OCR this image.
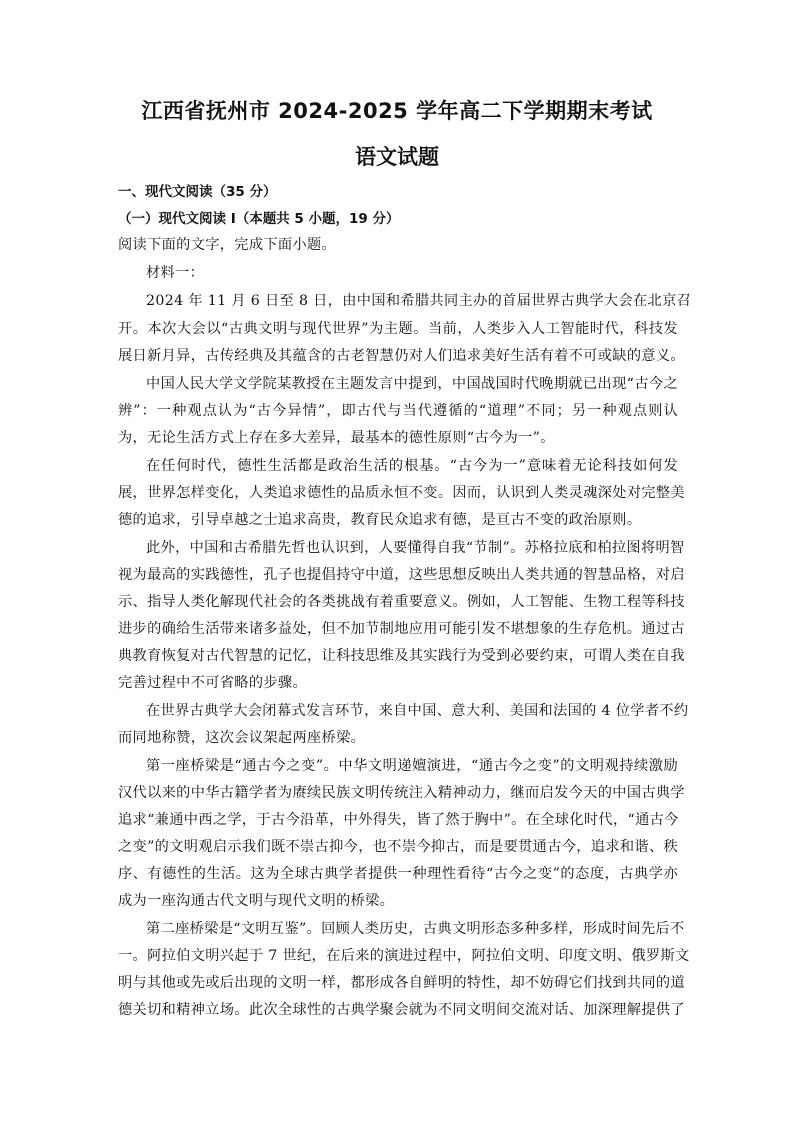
江西省抚州市 2024-2025 学年高二下学期期末考试
语文试题
一、现代文阅读（35 分）
（一）现代文阅读 I（本题共 5 小题，19 分）
阅读下面的文字，完成下面小题。
材料一：
2024 年 11 月 6 日至 8 日，由中国和希腊共同主办的首届世界古典学大会在北京召
开。本次大会以“古典文明与现代世界”为主题。当前，人类步入人工智能时代，科技发
展日新月异，古传经典及其蕴含的古老智慧仍对人们追求美好生活有着不可或缺的意义。
中国人民大学文学院某教授在主题发言中提到，中国战国时代晚期就已出现“古今之
辨”：一种观点认为“古今异情”，即古代与当代遵循的“道理”不同；另一种观点则认
为，无论生活方式上存在多大差异，最基本的德性原则“古今为一”。
在任何时代，德性生活都是政治生活的根基。“古今为一”意味着无论科技如何发
展，世界怎样变化，人类追求德性的品质永恒不变。因而，认识到人类灵魂深处对完整美
德的追求，引导卓越之士追求高贵，教育民众追求有德，是亘古不变的政治原则。
此外，中国和古希腊先哲也认识到，人要懂得自我“节制”。苏格拉底和柏拉图将明智
视为最高的实践德性，孔子也提倡持守中道，这些思想反映出人类共通的智慧品格，对启
示、指导人类化解现代社会的各类挑战有着重要意义。例如，人工智能、生物工程等科技
进步的确给生活带来诸多益处，但不加节制地应用可能引发不堪想象的生存危机。通过古
典教育恢复对古代智慧的记忆，让科技思维及其实践行为受到必要约束，可谓人类在自我
完善过程中不可省略的步骤。
在世界古典学大会闭幕式发言环节，来自中国、意大利、美国和法国的 4 位学者不约
而同地称赞，这次会议架起两座桥梁。
第一座桥梁是“通古今之变”。中华文明递嬗演进，“通古今之变”的文明观持续激励
汉代以来的中华古籍学者为赓续民族文明传统注入精神动力，继而启发今天的中国古典学
追求“兼通中西之学，于古今沿革，中外得失，皆了然于胸中”。在全球化时代，“通古今
之变”的文明观启示我们既不崇古抑今，也不崇今抑古，而是要贯通古今，追求和谐、秩
序、有德性的生活。这为全球古典学者提供一种理性看待“古今之变”的态度，古典学亦
成为一座沟通古代文明与现代文明的桥梁。
第二座桥梁是“文明互鉴”。回顾人类历史，古典文明形态多种多样，形成时间先后不
一。阿拉伯文明兴起于 7 世纪，在后来的演进过程中，阿拉伯文明、印度文明、俄罗斯文
明与其他或先或后出现的文明一样，都形成各自鲜明的特性，却不妨碍它们找到共同的道
德关切和精神立场。此次全球性的古典学聚会就为不同文明间交流对话、加深理解提供了
